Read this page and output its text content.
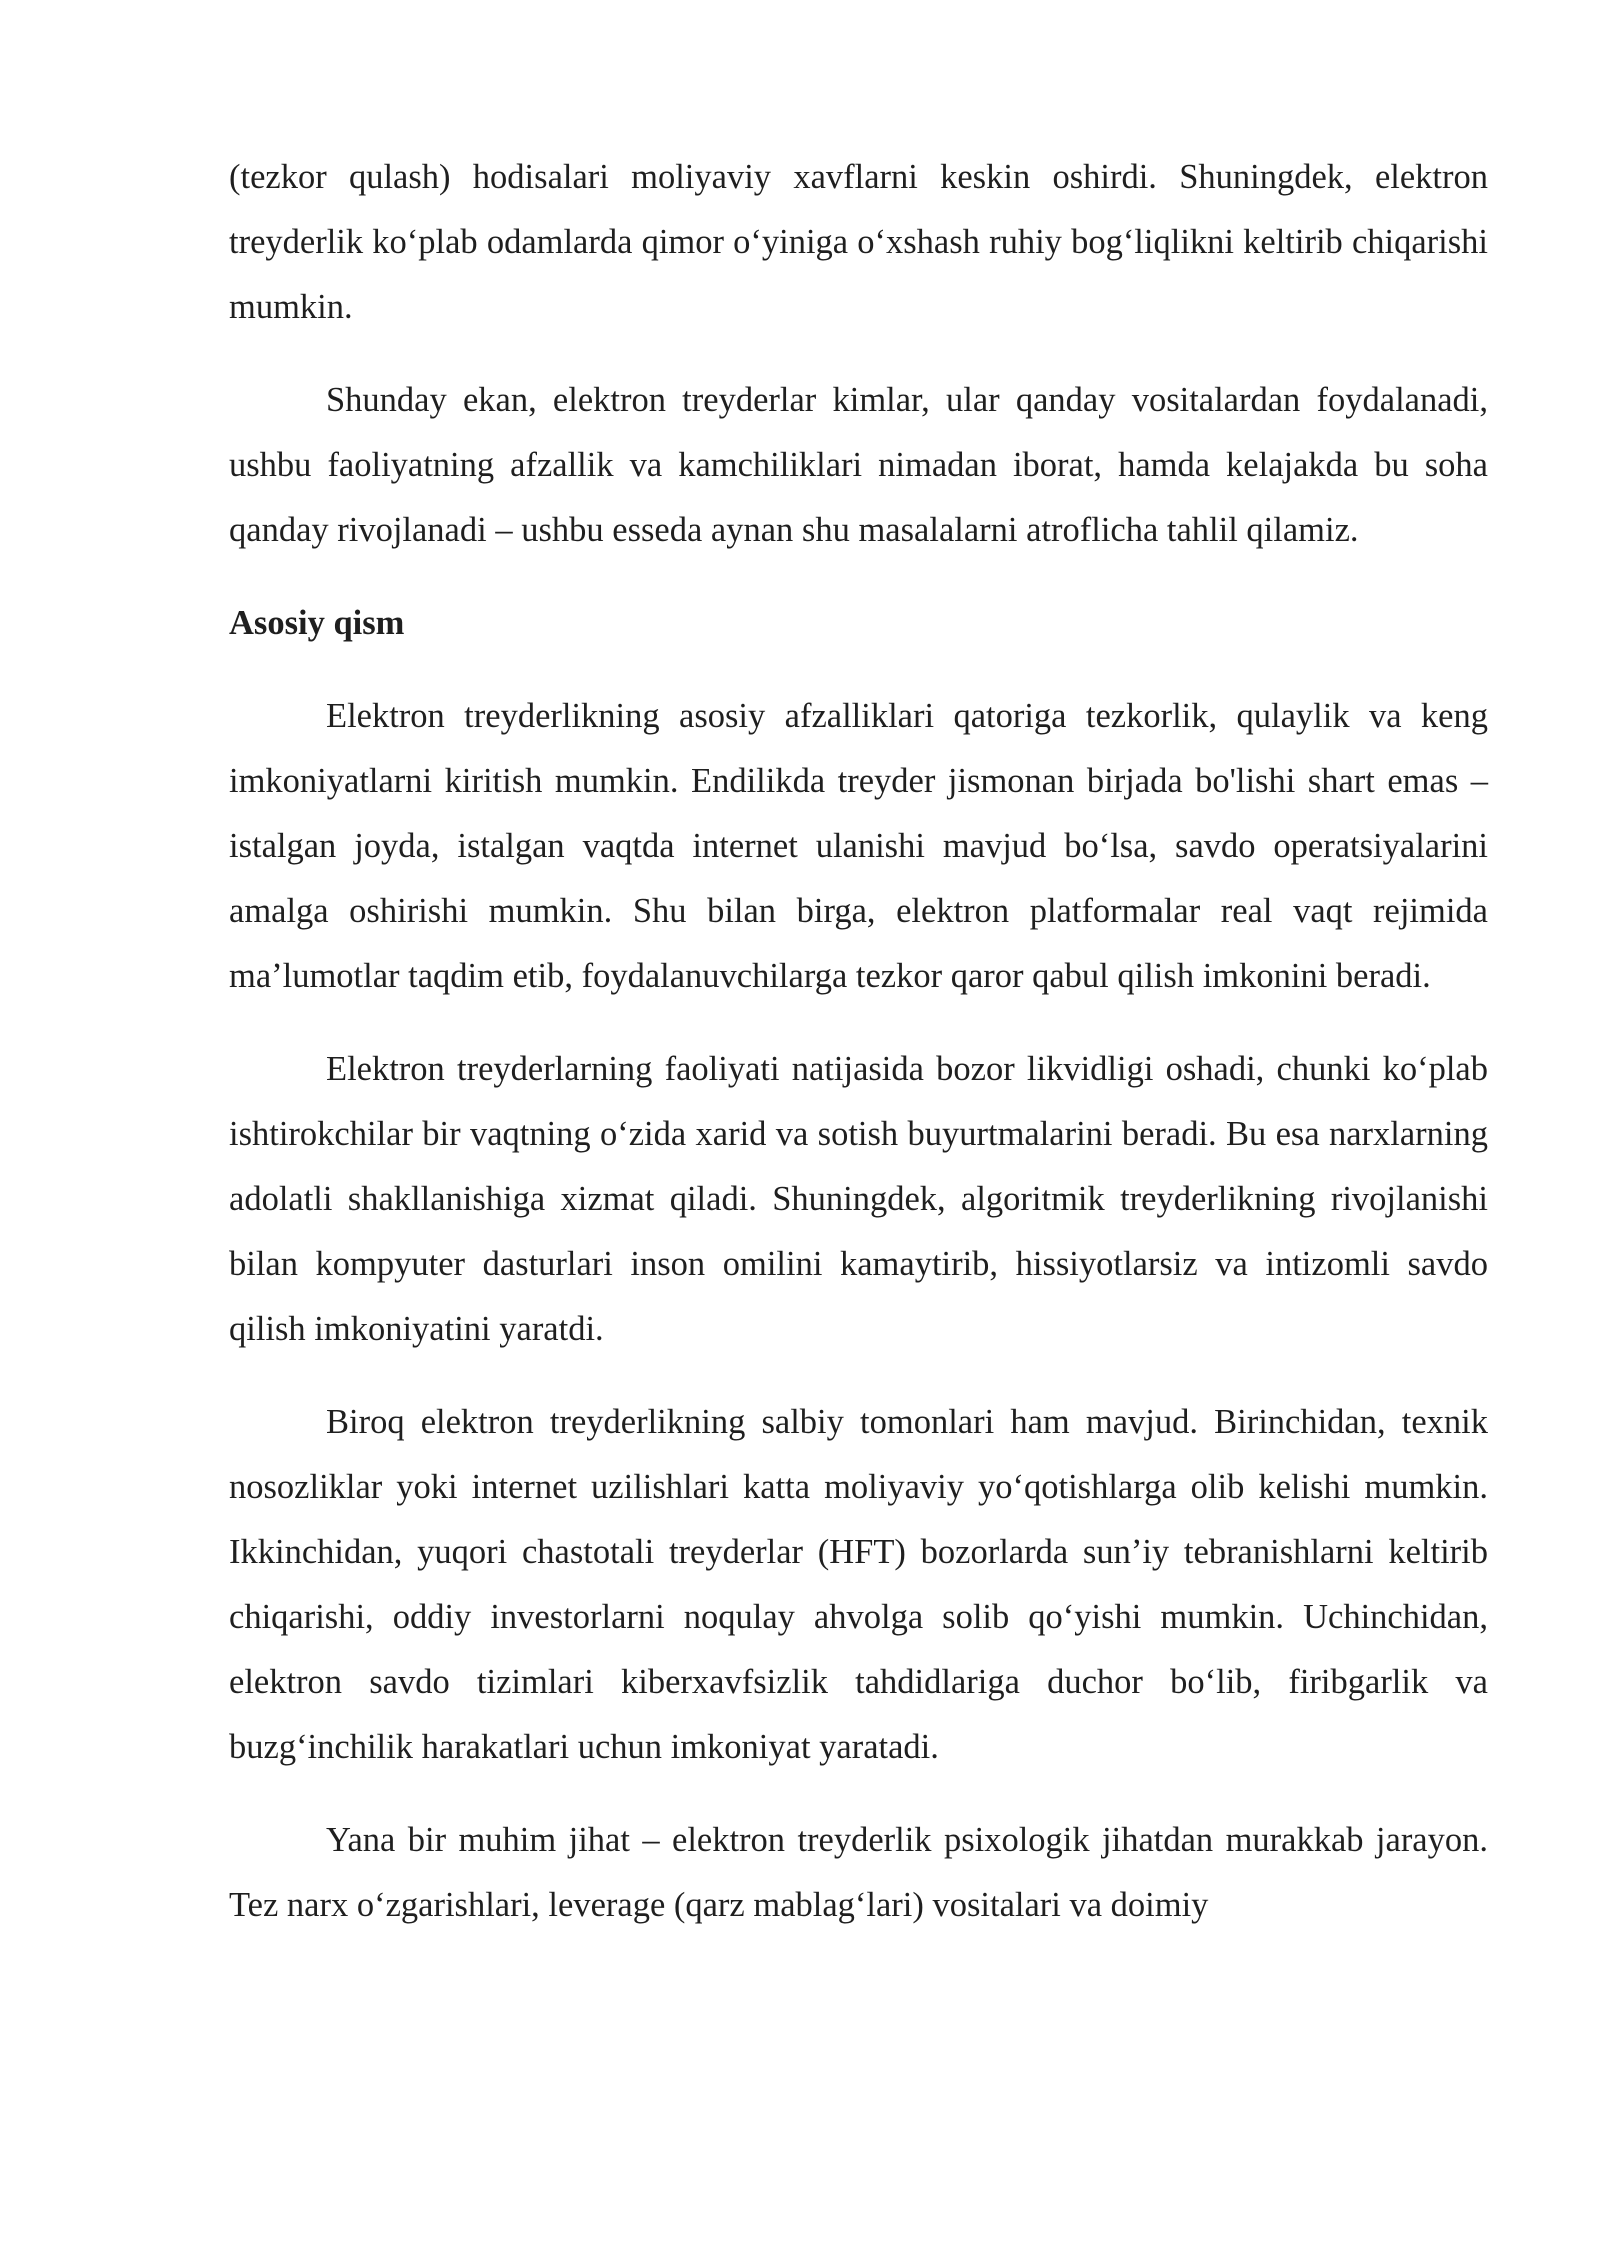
(tezkor qulash) hodisalari moliyaviy xavflarni keskin oshirdi. Shuningdek, elektron treyderlik koʻplab odamlarda qimor oʻyiniga oʻxshash ruhiy bogʻliqlikni keltirib chiqarishi mumkin.

Shunday ekan, elektron treyderlar kimlar, ular qanday vositalardan foydalanadi, ushbu faoliyatning afzallik va kamchiliklari nimadan iborat, hamda kelajakda bu soha qanday rivojlanadi – ushbu esseda aynan shu masalalarni atroflicha tahlil qilamiz.

Asosiy qism

Elektron treyderlikning asosiy afzalliklari qatoriga tezkorlik, qulaylik va keng imkoniyatlarni kiritish mumkin. Endilikda treyder jismonan birjada bo'lishi shart emas – istalgan joyda, istalgan vaqtda internet ulanishi mavjud boʻlsa, savdo operatsiyalarini amalga oshirishi mumkin. Shu bilan birga, elektron platformalar real vaqt rejimida maʼlumotlar taqdim etib, foydalanuvchilarga tezkor qaror qabul qilish imkonini beradi.

Elektron treyderlarning faoliyati natijasida bozor likvidligi oshadi, chunki koʻplab ishtirokchilar bir vaqtning oʻzida xarid va sotish buyurtmalarini beradi. Bu esa narxlarning adolatli shakllanishiga xizmat qiladi. Shuningdek, algoritmik treyderlikning rivojlanishi bilan kompyuter dasturlari inson omilini kamaytirib, hissiyotlarsiz va intizomli savdo qilish imkoniyatini yaratdi.

Biroq elektron treyderlikning salbiy tomonlari ham mavjud. Birinchidan, texnik nosozliklar yoki internet uzilishlari katta moliyaviy yoʻqotishlarga olib kelishi mumkin. Ikkinchidan, yuqori chastotali treyderlar (HFT) bozorlarda sunʼiy tebranishlarni keltirib chiqarishi, oddiy investorlarni noqulay ahvolga solib qoʻyishi mumkin. Uchinchidan, elektron savdo tizimlari kiberxavfsizlik tahdidlariga duchor boʻlib, firibgarlik va buzgʻinchilik harakatlari uchun imkoniyat yaratadi.

Yana bir muhim jihat – elektron treyderlik psixologik jihatdan murakkab jarayon. Tez narx oʻzgarishlari, leverage (qarz mablagʻlari) vositalari va doimiy
